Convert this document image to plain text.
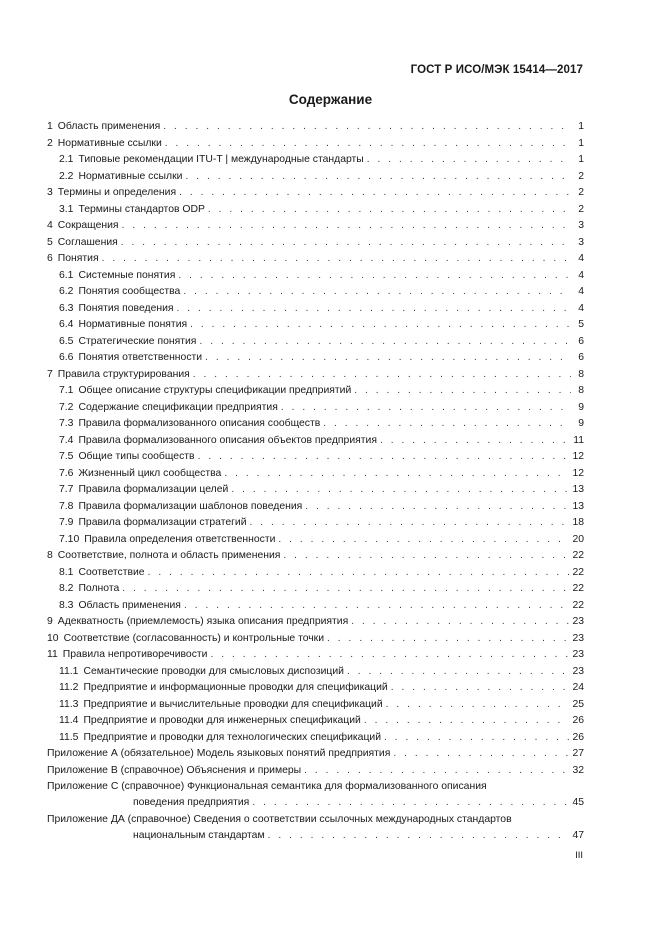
ГОСТ Р ИСО/МЭК 15414—2017
Содержание
1 Область применения . . .	1
2 Нормативные ссылки . . .	1
2.1 Типовые рекомендации ITU-T | международные стандарты . . .	1
2.2 Нормативные ссылки . . .	2
3 Термины и определения . . .	2
3.1 Термины стандартов ODP . . .	2
4 Сокращения . . .	3
5 Соглашения . . .	3
6 Понятия . . .	4
6.1 Системные понятия . . .	4
6.2 Понятия сообщества . . .	4
6.3 Понятия поведения . . .	4
6.4 Нормативные понятия . . .	5
6.5 Стратегические понятия . . .	6
6.6 Понятия ответственности . . .	6
7 Правила структурирования . . .	8
7.1 Общее описание структуры спецификации предприятий . . .	8
7.2 Содержание спецификации предприятия . . .	9
7.3 Правила формализованного описания сообществ . . .	9
7.4 Правила формализованного описания объектов предприятия . . .	11
7.5 Общие типы сообществ . . .	12
7.6 Жизненный цикл сообщества . . .	12
7.7 Правила формализации целей . . .	13
7.8 Правила формализации шаблонов поведения . . .	13
7.9 Правила формализации стратегий . . .	18
7.10 Правила определения ответственности . . .	20
8 Соответствие, полнота и область применения . . .	22
8.1 Соответствие . . .	22
8.2 Полнота . . .	22
8.3 Область применения . . .	22
9 Адекватность (приемлемость) языка описания предприятия . . .	23
10 Соответствие (согласованность) и контрольные точки . . .	23
11 Правила непротиворечивости . . .	23
11.1 Семантические проводки для смысловых диспозиций . . .	23
11.2 Предприятие и информационные проводки для спецификаций . . .	24
11.3 Предприятие и вычислительные проводки для спецификаций . . .	25
11.4 Предприятие и проводки для инженерных спецификаций . . .	26
11.5 Предприятие и проводки для технологических спецификаций . . .	26
Приложение А (обязательное) Модель языковых понятий предприятия . . .	27
Приложение В (справочное) Объяснения и примеры . . .	32
Приложение С (справочное) Функциональная семантика для формализованного описания
поведения предприятия . . .	45
Приложение ДА (справочное) Сведения о соответствии ссылочных международных стандартов
национальным стандартам . . .	47
III
